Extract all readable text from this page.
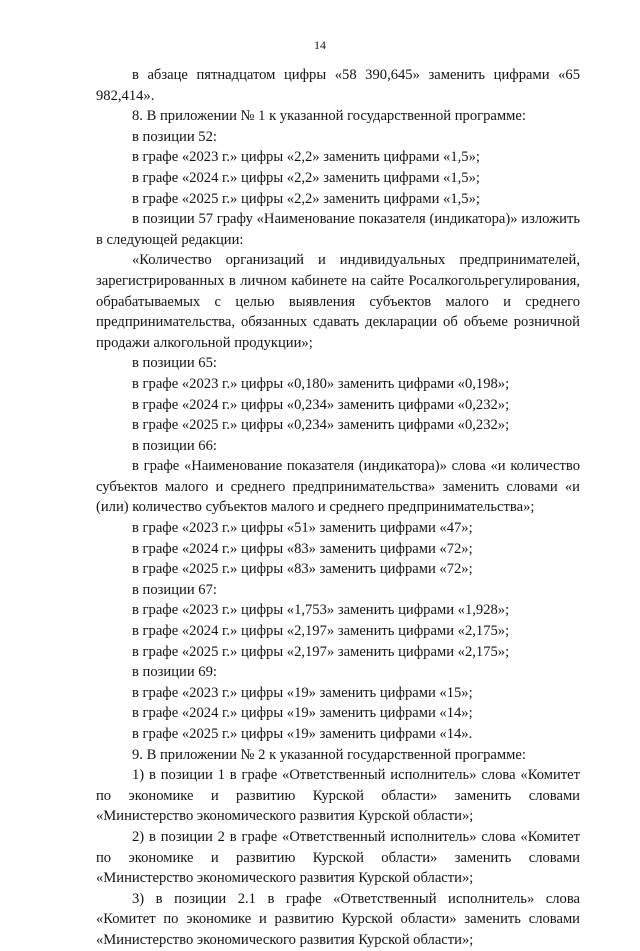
14

в абзаце пятнадцатом цифры «58 390,645» заменить цифрами «65 982,414».

8. В приложении № 1 к указанной государственной программе:

в позиции 52:

в графе «2023 г.» цифры «2,2» заменить цифрами «1,5»;

в графе «2024 г.» цифры «2,2» заменить цифрами «1,5»;

в графе «2025 г.» цифры «2,2» заменить цифрами «1,5»;

в позиции 57 графу «Наименование показателя (индикатора)» изложить в следующей редакции:

«Количество организаций и индивидуальных предпринимателей, зарегистрированных в личном кабинете на сайте Росалкогольрегулирования, обрабатываемых с целью выявления субъектов малого и среднего предпринимательства, обязанных сдавать декларации об объеме розничной продажи алкогольной продукции»;

в позиции 65:

в графе «2023 г.» цифры «0,180» заменить цифрами «0,198»;

в графе «2024 г.» цифры «0,234» заменить цифрами «0,232»;

в графе «2025 г.» цифры «0,234» заменить цифрами «0,232»;

в позиции 66:

в графе «Наименование показателя (индикатора)» слова «и количество субъектов малого и среднего предпринимательства» заменить словами «и (или) количество субъектов малого и среднего предпринимательства»;

в графе «2023 г.» цифры «51» заменить цифрами «47»;

в графе «2024 г.» цифры «83» заменить цифрами «72»;

в графе «2025 г.» цифры «83» заменить цифрами «72»;

в позиции 67:

в графе «2023 г.» цифры «1,753» заменить цифрами «1,928»;

в графе «2024 г.» цифры «2,197» заменить цифрами «2,175»;

в графе «2025 г.» цифры «2,197» заменить цифрами «2,175»;

в позиции 69:

в графе «2023 г.» цифры «19» заменить цифрами «15»;

в графе «2024 г.» цифры «19» заменить цифрами «14»;

в графе «2025 г.» цифры «19» заменить цифрами «14».

9. В приложении № 2 к указанной государственной программе:

1) в позиции 1 в графе «Ответственный исполнитель» слова «Комитет по экономике и развитию Курской области» заменить словами «Министерство экономического развития Курской области»;

2) в позиции 2 в графе «Ответственный исполнитель» слова «Комитет по экономике и развитию Курской области» заменить словами «Министерство экономического развития Курской области»;

3) в позиции 2.1 в графе «Ответственный исполнитель» слова «Комитет по экономике и развитию Курской области» заменить словами «Министерство экономического развития Курской области»;
